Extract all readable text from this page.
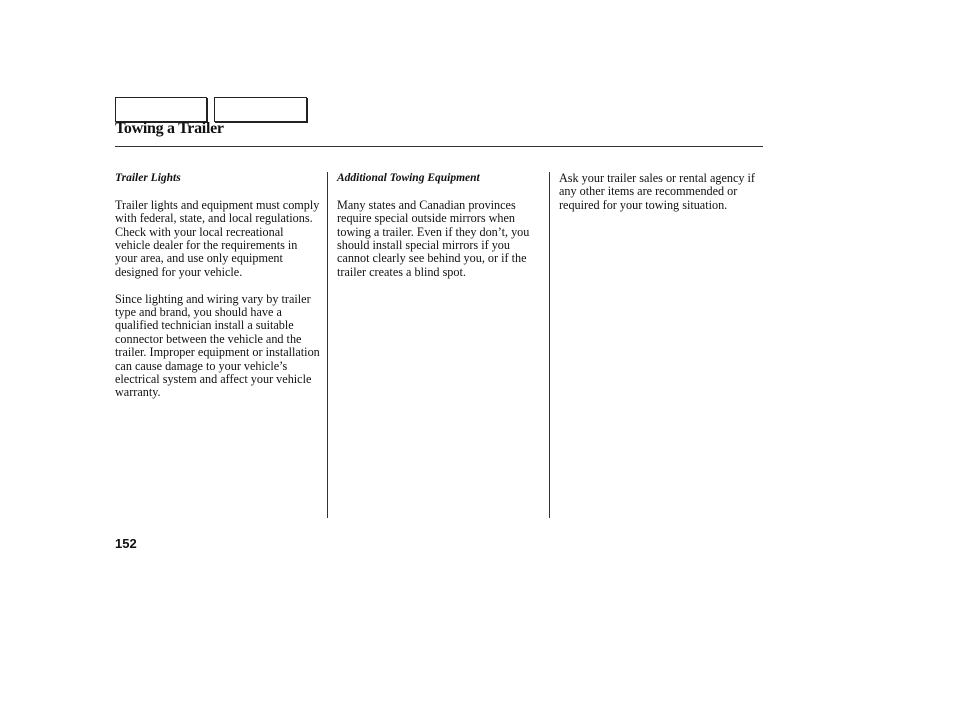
Towing a Trailer

Trailer Lights

Trailer lights and equipment must comply with federal, state, and local regulations. Check with your local recreational vehicle dealer for the requirements in your area, and use only equipment designed for your vehicle.

Since lighting and wiring vary by trailer type and brand, you should have a qualified technician install a suitable connector between the vehicle and the trailer. Improper equipment or installation can cause damage to your vehicle’s electrical system and affect your vehicle warranty.

Additional Towing Equipment

Many states and Canadian provinces require special outside mirrors when towing a trailer. Even if they don’t, you should install special mirrors if you cannot clearly see behind you, or if the trailer creates a blind spot.

Ask your trailer sales or rental agency if any other items are recommended or required for your towing situation.

152
